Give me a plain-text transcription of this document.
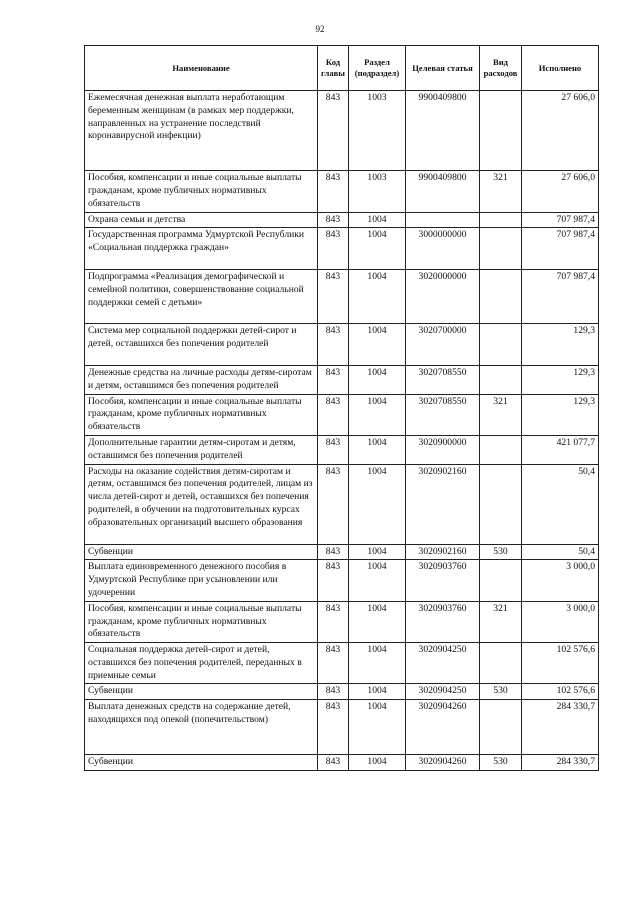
92
Наименование	Код главы	Раздел (подраздел)	Целевая статья	Вид расходов	Исполнено
Ежемесячная денежная выплата неработающим беременным женщинам (в рамках мер поддержки, направленных на устранение последствий коронавирусной инфекции)	843	1003	9900409800		27 606,0
Пособия, компенсации и иные социальные выплаты гражданам, кроме публичных нормативных обязательств	843	1003	9900409800	321	27 606,0
Охрана семьи и детства	843	1004			707 987,4
Государственная программа Удмуртской Республики «Социальная поддержка граждан»	843	1004	3000000000		707 987,4
Подпрограмма «Реализация демографической и семейной политики, совершенствование социальной поддержки семей с детьми»	843	1004	3020000000		707 987,4
Система мер социальной поддержки детей-сирот и детей, оставшихся без попечения родителей	843	1004	3020700000		129,3
Денежные средства на личные расходы детям-сиротам и детям, оставшимся без попечения родителей	843	1004	3020708550		129,3
Пособия, компенсации и иные социальные выплаты гражданам, кроме публичных нормативных обязательств	843	1004	3020708550	321	129,3
Дополнительные гарантии детям-сиротам и детям, оставшимся без попечения родителей	843	1004	3020900000		421 077,7
Расходы на оказание содействия детям-сиротам и детям, оставшимся без попечения родителей, лицам из числа детей-сирот и детей, оставшихся без попечения родителей, в обучении на подготовительных курсах образовательных организаций высшего образования	843	1004	3020902160		50,4
Субвенции	843	1004	3020902160	530	50,4
Выплата единовременного денежного пособия в Удмуртской Республике при усыновлении или удочерении	843	1004	3020903760		3 000,0
Пособия, компенсации и иные социальные выплаты гражданам, кроме публичных нормативных обязательств	843	1004	3020903760	321	3 000,0
Социальная поддержка детей-сирот и детей, оставшихся без попечения родителей, переданных в приемные семьи	843	1004	3020904250		102 576,6
Субвенции	843	1004	3020904250	530	102 576,6
Выплата денежных средств на содержание детей, находящихся под опекой (попечительством)	843	1004	3020904260		284 330,7
Субвенции	843	1004	3020904260	530	284 330,7
